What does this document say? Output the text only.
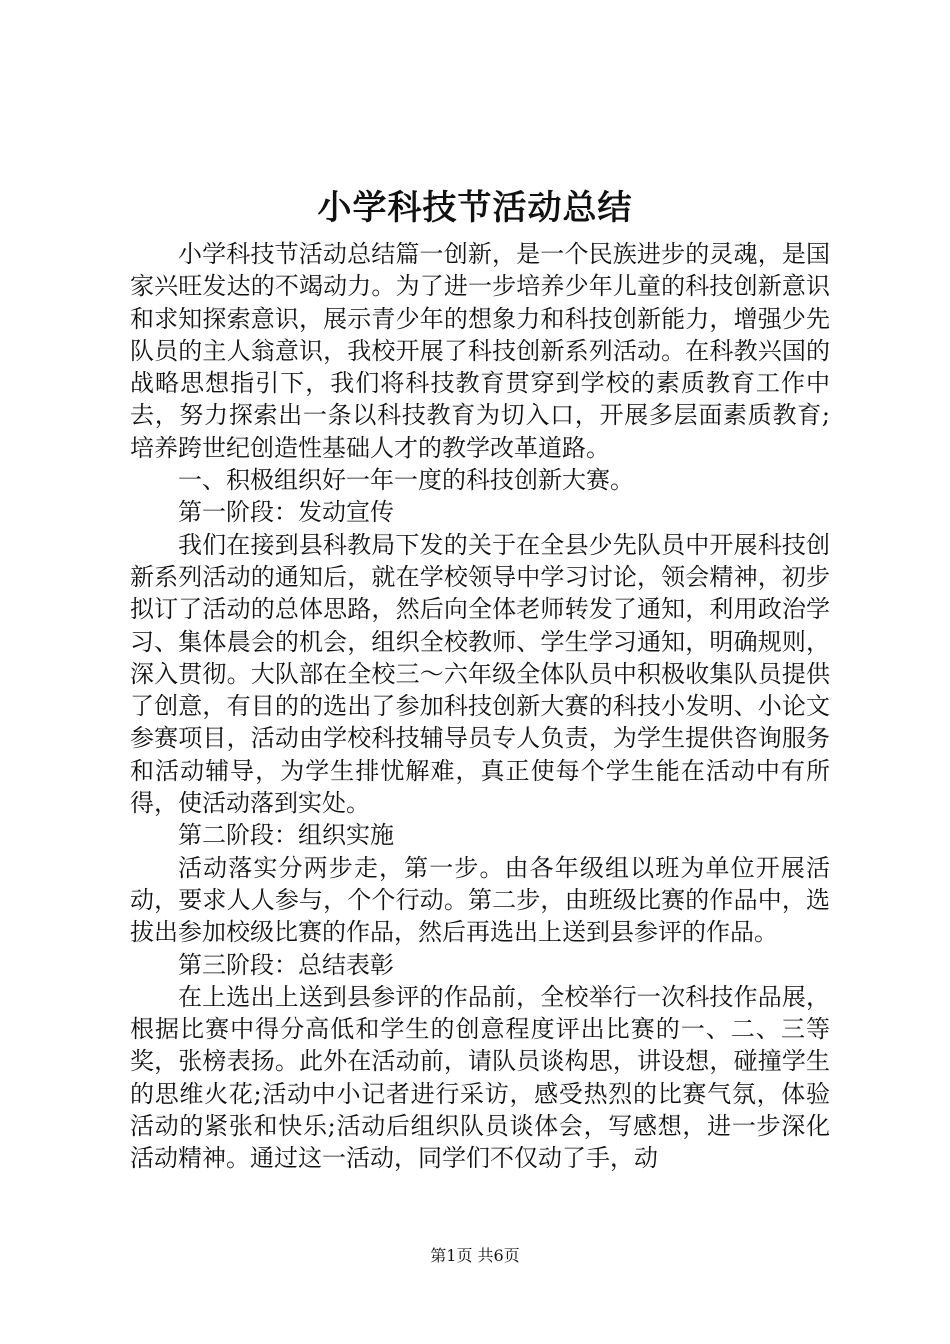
小学科技节活动总结

小学科技节活动总结篇一创新，是一个民族进步的灵魂，是国家兴旺发达的不竭动力。为了进一步培养少年儿童的科技创新意识和求知探索意识，展示青少年的想象力和科技创新能力，增强少先队员的主人翁意识，我校开展了科技创新系列活动。在科教兴国的战略思想指引下，我们将科技教育贯穿到学校的素质教育工作中去，努力探索出一条以科技教育为切入口，开展多层面素质教育;培养跨世纪创造性基础人才的教学改革道路。

一、积极组织好一年一度的科技创新大赛。

第一阶段：发动宣传

我们在接到县科教局下发的关于在全县少先队员中开展科技创新系列活动的通知后，就在学校领导中学习讨论，领会精神，初步拟订了活动的总体思路，然后向全体老师转发了通知，利用政治学习、集体晨会的机会，组织全校教师、学生学习通知，明确规则，深入贯彻。大队部在全校三～六年级全体队员中积极收集队员提供了创意，有目的的选出了参加科技创新大赛的科技小发明、小论文参赛项目，活动由学校科技辅导员专人负责，为学生提供咨询服务和活动辅导，为学生排忧解难，真正使每个学生能在活动中有所得，使活动落到实处。

第二阶段：组织实施

活动落实分两步走，第一步。由各年级组以班为单位开展活动，要求人人参与，个个行动。第二步，由班级比赛的作品中，选拔出参加校级比赛的作品，然后再选出上送到县参评的作品。

第三阶段：总结表彰

在上选出上送到县参评的作品前，全校举行一次科技作品展，根据比赛中得分高低和学生的创意程度评出比赛的一、二、三等奖，张榜表扬。此外在活动前，请队员谈构思，讲设想，碰撞学生的思维火花;活动中小记者进行采访，感受热烈的比赛气氛，体验活动的紧张和快乐;活动后组织队员谈体会，写感想，进一步深化活动精神。通过这一活动，同学们不仅动了手，动

第1页 共6页
